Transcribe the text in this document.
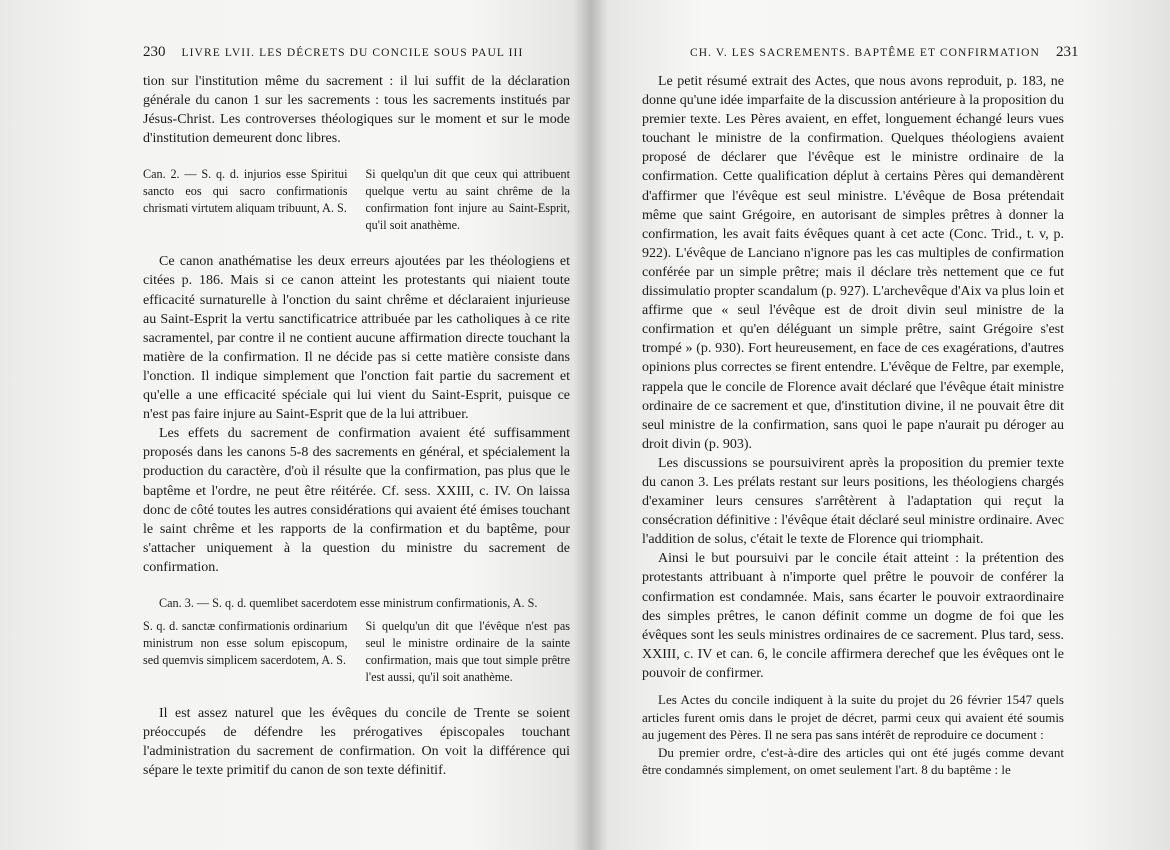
230 LIVRE LVII. LES DÉCRETS DU CONCILE SOUS PAUL III

tion sur l'institution même du sacrement : il lui suffit de la déclaration générale du canon 1 sur les sacrements : tous les sacrements institués par Jésus-Christ. Les controverses théologiques sur le moment et sur le mode d'institution demeurent donc libres.

Can. 2. — S. q. d. injurios esse Spiritui sancto eos qui sacro confirmationis chrismati virtutem aliquam tribuunt, A. S.
Si quelqu'un dit que ceux qui attribuent quelque vertu au saint chrême de la confirmation font injure au Saint-Esprit, qu'il soit anathème.

Ce canon anathématise les deux erreurs ajoutées par les théologiens et citées p. 186. Mais si ce canon atteint les protestants qui niaient toute efficacité surnaturelle à l'onction du saint chrême et déclaraient injurieuse au Saint-Esprit la vertu sanctificatrice attribuée par les catholiques à ce rite sacramentel, par contre il ne contient aucune affirmation directe touchant la matière de la confirmation. Il ne décide pas si cette matière consiste dans l'onction. Il indique simplement que l'onction fait partie du sacrement et qu'elle a une efficacité spéciale qui lui vient du Saint-Esprit, puisque ce n'est pas faire injure au Saint-Esprit que de la lui attribuer.

Les effets du sacrement de confirmation avaient été suffisamment proposés dans les canons 5-8 des sacrements en général, et spécialement la production du caractère, d'où il résulte que la confirmation, pas plus que le baptême et l'ordre, ne peut être réitérée. Cf. sess. XXIII, c. IV. On laissa donc de côté toutes les autres considérations qui avaient été émises touchant le saint chrême et les rapports de la confirmation et du baptême, pour s'attacher uniquement à la question du ministre du sacrement de confirmation.

Can. 3. — S. q. d. quemlibet sacerdotem esse ministrum confirmationis, A. S.
S. q. d. sanctæ confirmationis ordinarium ministrum non esse solum episcopum, sed quemvis simplicem sacerdotem, A. S.
Si quelqu'un dit que l'évêque n'est pas seul le ministre ordinaire de la sainte confirmation, mais que tout simple prêtre l'est aussi, qu'il soit anathème.

Il est assez naturel que les évêques du concile de Trente se soient préoccupés de défendre les prérogatives épiscopales touchant l'administration du sacrement de confirmation. On voit la différence qui sépare le texte primitif du canon de son texte définitif.

CH. V. LES SACREMENTS. BAPTÊME ET CONFIRMATION 231

Le petit résumé extrait des Actes, que nous avons reproduit, p. 183, ne donne qu'une idée imparfaite de la discussion antérieure à la proposition du premier texte. Les Pères avaient, en effet, longuement échangé leurs vues touchant le ministre de la confirmation. Quelques théologiens avaient proposé de déclarer que l'évêque est le ministre ordinaire de la confirmation. Cette qualification déplut à certains Pères qui demandèrent d'affirmer que l'évêque est seul ministre. L'évêque de Bosa prétendait même que saint Grégoire, en autorisant de simples prêtres à donner la confirmation, les avait faits évêques quant à cet acte (Conc. Trid., t. v, p. 922). L'évêque de Lanciano n'ignore pas les cas multiples de confirmation conférée par un simple prêtre; mais il déclare très nettement que ce fut dissimulatio propter scandalum (p. 927). L'archevêque d'Aix va plus loin et affirme que « seul l'évêque est de droit divin seul ministre de la confirmation et qu'en déléguant un simple prêtre, saint Grégoire s'est trompé » (p. 930). Fort heureusement, en face de ces exagérations, d'autres opinions plus correctes se firent entendre. L'évêque de Feltre, par exemple, rappela que le concile de Florence avait déclaré que l'évêque était ministre ordinaire de ce sacrement et que, d'institution divine, il ne pouvait être dit seul ministre de la confirmation, sans quoi le pape n'aurait pu déroger au droit divin (p. 903).

Les discussions se poursuivirent après la proposition du premier texte du canon 3. Les prélats restant sur leurs positions, les théologiens chargés d'examiner leurs censures s'arrêtèrent à l'adaptation qui reçut la consécration définitive : l'évêque était déclaré seul ministre ordinaire. Avec l'addition de solus, c'était le texte de Florence qui triomphait.

Ainsi le but poursuivi par le concile était atteint : la prétention des protestants attribuant à n'importe quel prêtre le pouvoir de conférer la confirmation est condamnée. Mais, sans écarter le pouvoir extraordinaire des simples prêtres, le canon définit comme un dogme de foi que les évêques sont les seuls ministres ordinaires de ce sacrement. Plus tard, sess. XXIII, c. IV et can. 6, le concile affirmera derechef que les évêques ont le pouvoir de confirmer.

Les Actes du concile indiquent à la suite du projet du 26 février 1547 quels articles furent omis dans le projet de décret, parmi ceux qui avaient été soumis au jugement des Pères. Il ne sera pas sans intérêt de reproduire ce document :

Du premier ordre, c'est-à-dire des articles qui ont été jugés comme devant être condamnés simplement, on omet seulement l'art. 8 du baptême : le
